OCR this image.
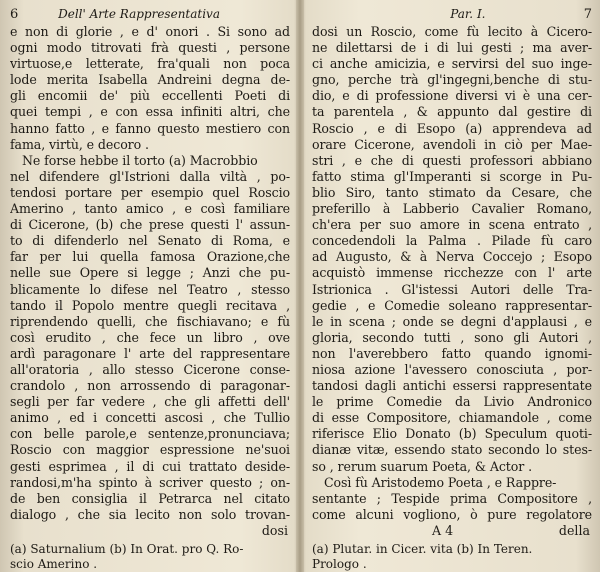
6	Dell' Arte Rappresentativa
e non di glorie , e d' onori . Si sono ad
ogni modo titrovati frà questi , persone
virtuose,e letterate, fra'quali non poca
lode merita Isabella Andreini degna de-
gli encomii de' più eccellenti Poeti di
quei tempi , e con essa infiniti altri, che
hanno fatto , e fanno questo mestiero con
fama, virtù, e decoro .
Ne forse hebbe il torto (a) Macrobbio
nel difendere gl'Istrioni dalla viltà , po-
tendosi portare per esempio quel Roscio
Amerino , tanto amico , e così familiare
di Cicerone, (b) che prese questi l' assun-
to di difenderlo nel Senato di Roma, e
far per lui quella famosa Orazione,che
nelle sue Opere si legge ; Anzi che pu-
blicamente lo difese nel Teatro , stesso
tando il Popolo mentre quegli recitava ,
riprendendo quelli, che fischiavano; e fù
così erudito , che fece un libro , ove
ardì paragonare l' arte del rappresentare
all'oratoria , allo stesso Cicerone conse-
crandolo , non arrossendo di paragonar-
segli per far vedere , che gli affetti dell'
animo , ed i concetti ascosi , che Tullio
con belle parole,e sentenze,pronunciava;
Roscio con maggior espressione ne'suoi
gesti esprimea , il di cui trattato deside-
randosi,m'ha spinto à scriver questo ; on-
de ben consiglia il Petrarca nel citato
dialogo , che sia lecito non solo trovan-
dosi
(a) Saturnalium (b) In Orat. pro Q. Ro-
scio Amerino .
Par. I.	7
dosi un Roscio, come fù lecito à Cicero-
ne dilettarsi de i di lui gesti ; ma aver-
ci anche amicizia, e servirsi del suo inge-
gno, perche trà gl'ingegni,benche di stu-
dio, e di professione diversi vi è una cer-
ta parentela , & appunto dal gestire di
Roscio , e di Esopo (a) apprendeva ad
orare Cicerone, avendoli in ciò per Mae-
stri , e che di questi professori abbiano
fatto stima gl'Imperanti si scorge in Pu-
blio Siro, tanto stimato da Cesare, che
preferillo à Labberio Cavalier Romano,
ch'era per suo amore in scena entrato ,
concedendoli la Palma . Pilade fù caro
ad Augusto, & à Nerva Coccejo ; Esopo
acquistò immense ricchezze con l' arte
Istrionica . Gl'istessi Autori delle Tra-
gedie , e Comedie soleano rappresentar-
le in scena ; onde se degni d'applausi , e
gloria, secondo tutti , sono gli Autori ,
non l'averebbero fatto quando ignomi-
niosa azione l'avessero conosciuta , por-
tandosi dagli antichi essersi rappresentate
le prime Comedie da Livio Andronico
di esse Compositore, chiamandole , come
riferisce Elio Donato (b) Speculum quoti-
dianæ vitæ, essendo stato secondo lo stes-
so , rerum suarum Poeta, & Actor .
Così fù Aristodemo Poeta , e Rappre-
sentante ; Tespide prima Compositore ,
come alcuni vogliono, ò pure regolatore
A 4	della
(a) Plutar. in Cicer. vita (b) In Teren.
Prologo .
